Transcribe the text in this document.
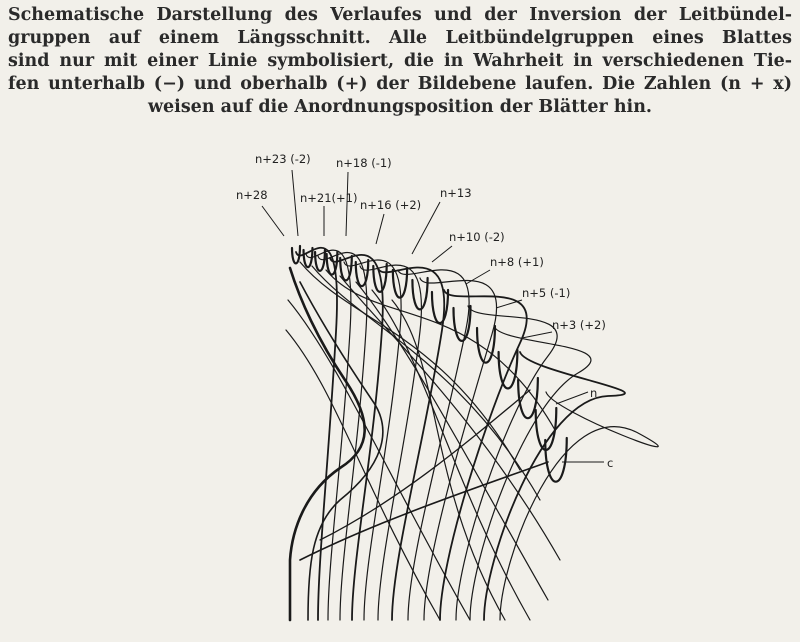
Schematische Darstellung des Verlaufes und der Inversion der Leitbündel-
gruppen auf einem Längsschnitt. Alle Leitbündelgruppen eines Blattes
sind nur mit einer Linie symbolisiert, die in Wahrheit in verschiedenen Tie-
fen unterhalb (−) und oberhalb (+) der Bildebene laufen. Die Zahlen (n + x)
weisen auf die Anordnungsposition der Blätter hin.
n+28
n+23 (-2)
n+21(+1)
n+18 (-1)
n+16 (+2)
n+13
n+10 (-2)
n+8 (+1)
n+5 (-1)
n+3 (+2)
n
c
